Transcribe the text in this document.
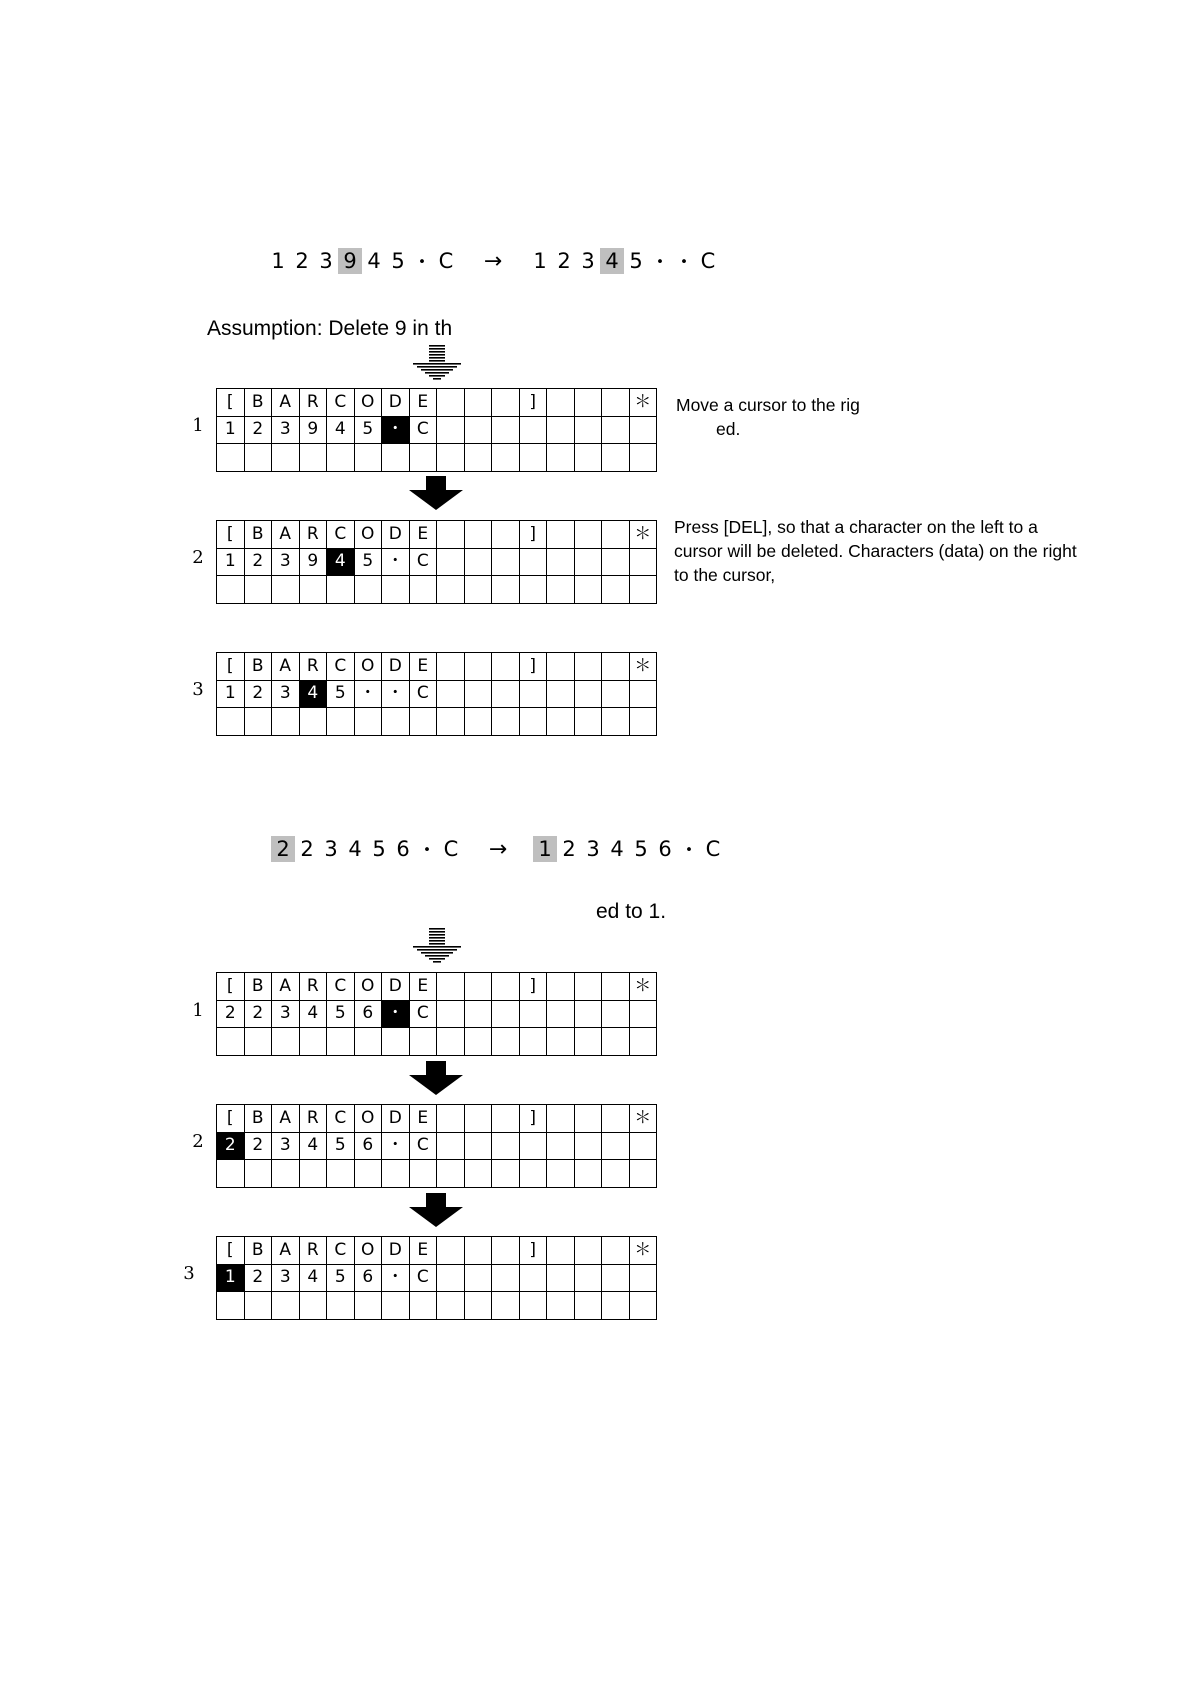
1 2 3 9 4 5 ・ C	→	1 2 3 4 5 ・ ・ C
Assumption: Delete 9 in th
1
[	B A R C O D E	]	＊
1 2 3 9 4 5 ・ C
Move a cursor to the rig
ed.
2
[	B A R C O D E	]	＊
1 2 3 9 4 5 ・ C
Press [DEL], so that a character on the left to a cursor will be deleted. Characters (data) on the right to the cursor,
3
[	B A R C O D E	]	＊
1 2 3 4 5 ・ ・ C
2 2 3 4 5 6 ・ C	→	1 2 3 4 5 6 ・ C
ed to 1.
1
[	B A R C O D E	]	＊
2 2 3 4 5 6 ・ C
2
[	B A R C O D E	]	＊
2 2 3 4 5 6 ・ C
3
[	B A R C O D E	]	＊
1 2 3 4 5 6 ・ C
